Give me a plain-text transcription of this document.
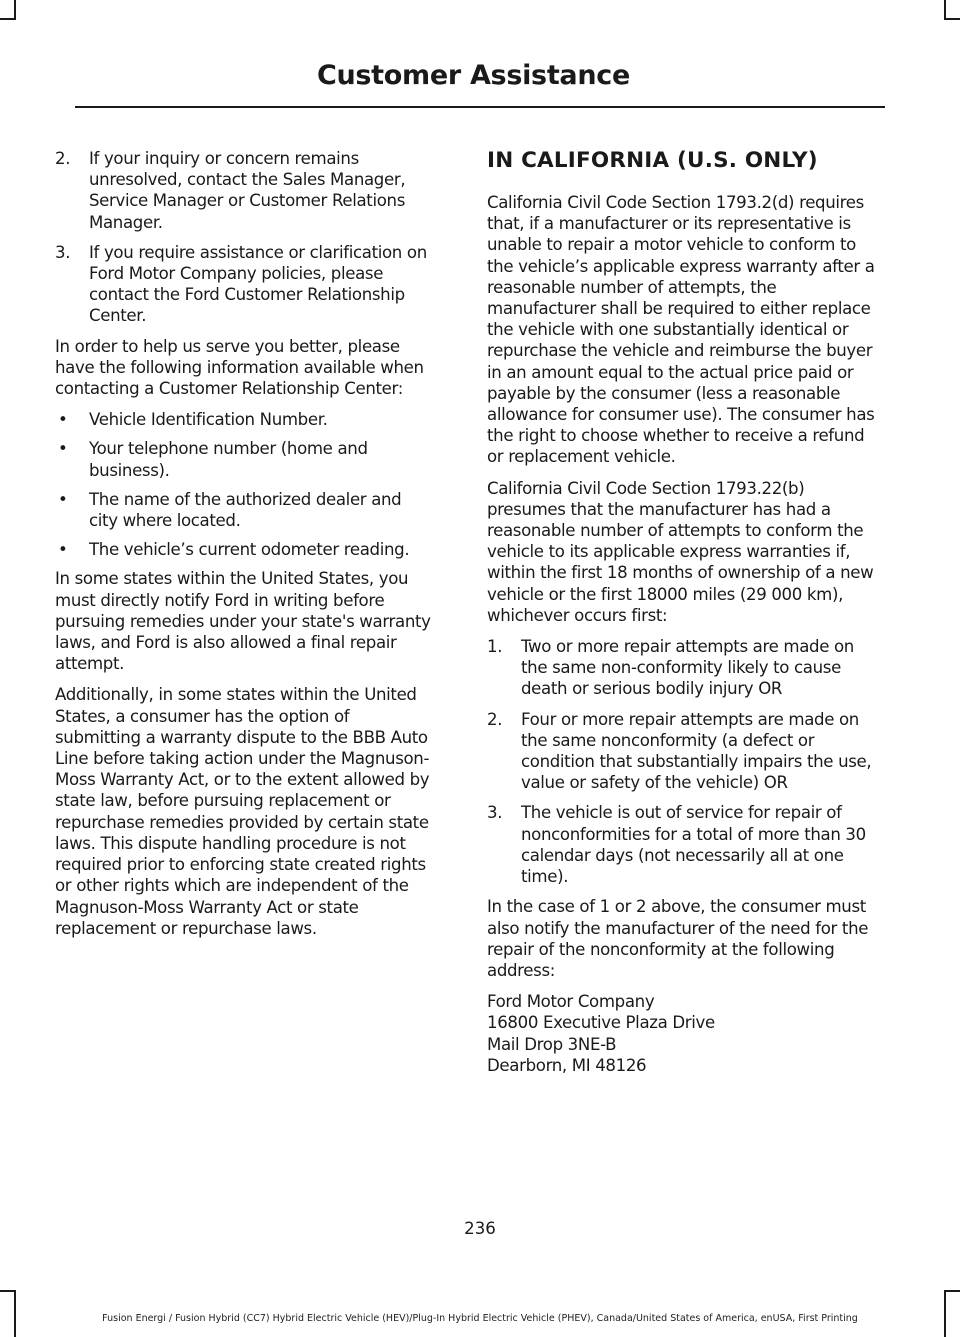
Customer Assistance
2. If your inquiry or concern remains unresolved, contact the Sales Manager, Service Manager or Customer Relations Manager.
3. If you require assistance or clarification on Ford Motor Company policies, please contact the Ford Customer Relationship Center.

In order to help us serve you better, please have the following information available when contacting a Customer Relationship Center:

• Vehicle Identification Number.
• Your telephone number (home and business).
• The name of the authorized dealer and city where located.
• The vehicle’s current odometer reading.

In some states within the United States, you must directly notify Ford in writing before pursuing remedies under your state's warranty laws, and Ford is also allowed a final repair attempt.

Additionally, in some states within the United States, a consumer has the option of submitting a warranty dispute to the BBB Auto Line before taking action under the Magnuson-Moss Warranty Act, or to the extent allowed by state law, before pursuing replacement or repurchase remedies provided by certain state laws. This dispute handling procedure is not required prior to enforcing state created rights or other rights which are independent of the Magnuson-Moss Warranty Act or state replacement or repurchase laws.

IN CALIFORNIA (U.S. ONLY)

California Civil Code Section 1793.2(d) requires that, if a manufacturer or its representative is unable to repair a motor vehicle to conform to the vehicle’s applicable express warranty after a reasonable number of attempts, the manufacturer shall be required to either replace the vehicle with one substantially identical or repurchase the vehicle and reimburse the buyer in an amount equal to the actual price paid or payable by the consumer (less a reasonable allowance for consumer use). The consumer has the right to choose whether to receive a refund or replacement vehicle.

California Civil Code Section 1793.22(b) presumes that the manufacturer has had a reasonable number of attempts to conform the vehicle to its applicable express warranties if, within the first 18 months of ownership of a new vehicle or the first 18000 miles (29 000 km), whichever occurs first:

1. Two or more repair attempts are made on the same non-conformity likely to cause death or serious bodily injury OR
2. Four or more repair attempts are made on the same nonconformity (a defect or condition that substantially impairs the use, value or safety of the vehicle) OR
3. The vehicle is out of service for repair of nonconformities for a total of more than 30 calendar days (not necessarily all at one time).

In the case of 1 or 2 above, the consumer must also notify the manufacturer of the need for the repair of the nonconformity at the following address:

Ford Motor Company

16800 Executive Plaza Drive

Mail Drop 3NE-B

Dearborn, MI 48126

236
Fusion Energi / Fusion Hybrid (CC7) Hybrid Electric Vehicle (HEV)/Plug-In Hybrid Electric Vehicle (PHEV), Canada/United States of America, enUSA, First Printing
